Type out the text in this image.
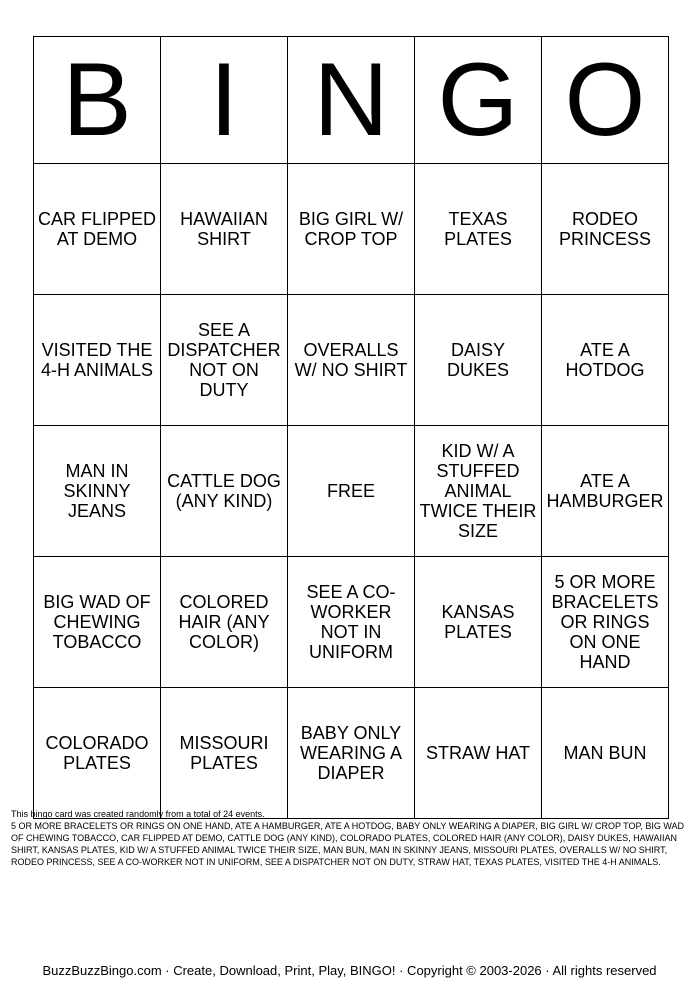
B	I	N	G	O
CAR FLIPPED AT DEMO	HAWAIIAN SHIRT	BIG GIRL W/ CROP TOP	TEXAS PLATES	RODEO PRINCESS
VISITED THE 4-H ANIMALS	SEE A DISPATCHER NOT ON DUTY	OVERALLS W/ NO SHIRT	DAISY DUKES	ATE A HOTDOG
MAN IN SKINNY JEANS	CATTLE DOG (ANY KIND)	FREE	KID W/ A STUFFED ANIMAL TWICE THEIR SIZE	ATE A HAMBURGER
BIG WAD OF CHEWING TOBACCO	COLORED HAIR (ANY COLOR)	SEE A CO-WORKER NOT IN UNIFORM	KANSAS PLATES	5 OR MORE BRACELETS OR RINGS ON ONE HAND
COLORADO PLATES	MISSOURI PLATES	BABY ONLY WEARING A DIAPER	STRAW HAT	MAN BUN

This bingo card was created randomly from a total of 24 events.

5 OR MORE BRACELETS OR RINGS ON ONE HAND, ATE A HAMBURGER, ATE A HOTDOG, BABY ONLY WEARING A DIAPER, BIG GIRL W/ CROP TOP, BIG WAD OF CHEWING TOBACCO, CAR FLIPPED AT DEMO, CATTLE DOG (ANY KIND), COLORADO PLATES, COLORED HAIR (ANY COLOR), DAISY DUKES, HAWAIIAN SHIRT, KANSAS PLATES, KID W/ A STUFFED ANIMAL TWICE THEIR SIZE, MAN BUN, MAN IN SKINNY JEANS, MISSOURI PLATES, OVERALLS W/ NO SHIRT, RODEO PRINCESS, SEE A CO-WORKER NOT IN UNIFORM, SEE A DISPATCHER NOT ON DUTY, STRAW HAT, TEXAS PLATES, VISITED THE 4-H ANIMALS.

BuzzBuzzBingo.com · Create, Download, Print, Play, BINGO! · Copyright © 2003-2026 · All rights reserved
